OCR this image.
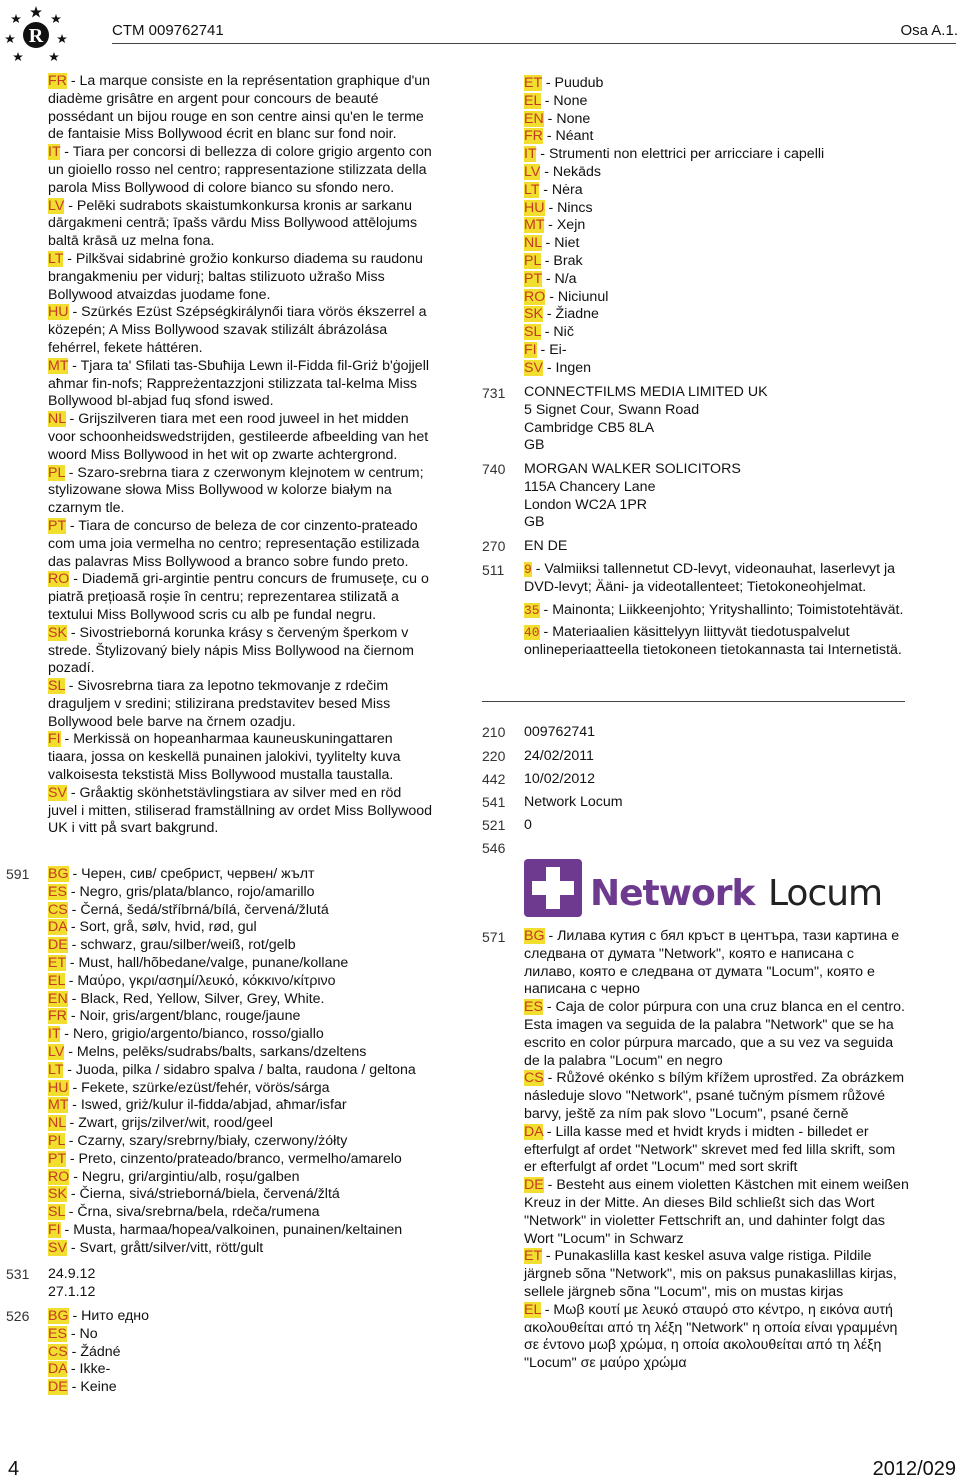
R	CTM 009762741	Osa A.1.

FR - La marque consiste en la représentation graphique d'un diadème grisâtre en argent pour concours de beauté possédant un bijou rouge en son centre ainsi qu'en le terme de fantaisie Miss Bollywood écrit en blanc sur fond noir.

IT - Tiara per concorsi di bellezza di colore grigio argento con un gioiello rosso nel centro; rappresentazione stilizzata della parola Miss Bollywood di colore bianco su sfondo nero.

LV - Pelēki sudrabots skaistumkonkursa kronis ar sarkanu dārgakmeni centrā; īpašs vārdu Miss Bollywood attēlojums baltā krāsā uz melna fona.

LT - Pilkšvai sidabrinė grožio konkurso diadema su raudonu brangakmeniu per vidurį; baltas stilizuoto užrašo Miss Bollywood atvaizdas juodame fone.

HU - Szürkés Ezüst Szépségkirálynői tiara vörös ékszerrel a közepén; A Miss Bollywood szavak stilizált ábrázolása fehérrel, fekete háttéren.

MT - Tjara ta' Sfilati tas-Sbuħija Lewn il-Fidda fil-Griż b'ġojjell aħmar fin-nofs; Rappreżentazzjoni stilizzata tal-kelma Miss Bollywood bl-abjad fuq sfond iswed.

NL - Grijszilveren tiara met een rood juweel in het midden voor schoonheidswedstrijden, gestileerde afbeelding van het woord Miss Bollywood in het wit op zwarte achtergrond.

PL - Szaro-srebrna tiara z czerwonym klejnotem w centrum; stylizowane słowa Miss Bollywood w kolorze białym na czarnym tle.

PT - Tiara de concurso de beleza de cor cinzento-prateado com uma joia vermelha no centro; representação estilizada das palavras Miss Bollywood a branco sobre fundo preto.

RO - Diademă gri-argintie pentru concurs de frumusețe, cu o piatră prețioasă roșie în centru; reprezentarea stilizată a textului Miss Bollywood scris cu alb pe fundal negru.

SK - Sivostrieborná korunka krásy s červeným šperkom v strede. Štylizovaný biely nápis Miss Bollywood na čiernom pozadí.

SL - Sivosrebrna tiara za lepotno tekmovanje z rdečim draguljem v sredini; stilizirana predstavitev besed Miss Bollywood bele barve na črnem ozadju.

FI - Merkissä on hopeanharmaa kauneuskuningattaren tiaara, jossa on keskellä punainen jalokivi, tyylitelty kuva valkoisesta tekstistä Miss Bollywood mustalla taustalla.

SV - Gråaktig skönhetstävlingstiara av silver med en röd juvel i mitten, stiliserad framställning av ordet Miss Bollywood UK i vitt på svart bakgrund.

591 BG - Черен, сив/ сребрист, червен/ жълт

ES - Negro, gris/plata/blanco, rojo/amarillo

CS - Černá, šedá/stříbrná/bílá, červená/žlutá

DA - Sort, grå, sølv, hvid, rød, gul

DE - schwarz, grau/silber/weiß, rot/gelb

ET - Must, hall/hõbedane/valge, punane/kollane

EL - Μαύρο, γκρι/ασημί/λευκό, κόκκινο/κίτρινο

EN - Black, Red, Yellow, Silver, Grey, White.

FR - Noir, gris/argent/blanc, rouge/jaune

IT - Nero, grigio/argento/bianco, rosso/giallo

LV - Melns, pelēks/sudrabs/balts, sarkans/dzeltens

LT - Juoda, pilka / sidabro spalva / balta, raudona / geltona

HU - Fekete, szürke/ezüst/fehér, vörös/sárga

MT - Iswed, griż/kulur il-fidda/abjad, aħmar/isfar

NL - Zwart, grijs/zilver/wit, rood/geel

PL - Czarny, szary/srebrny/biały, czerwony/żółty

PT - Preto, cinzento/prateado/branco, vermelho/amarelo

RO - Negru, gri/argintiu/alb, roșu/galben

SK - Čierna, sivá/strieborná/biela, červená/žltá

SL - Črna, siva/srebrna/bela, rdeča/rumena

FI - Musta, harmaa/hopea/valkoinen, punainen/keltainen

SV - Svart, grått/silver/vitt, rött/gult

531 24.9.12

27.1.12

526 BG - Нито едно

ES - No

CS - Žádné

DA - Ikke-

DE - Keine

ET - Puudub

EL - None

EN - None

FR - Néant

IT - Strumenti non elettrici per arricciare i capelli

LV - Nekāds

LT - Nėra

HU - Nincs

MT - Xejn

NL - Niet

PL - Brak

PT - N/a

RO - Niciunul

SK - Žiadne

SL - Nič

FI - Ei-

SV - Ingen

731 CONNECTFILMS MEDIA LIMITED UK

5 Signet Cour, Swann Road

Cambridge CB5 8LA

GB

740 MORGAN WALKER SOLICITORS

115A Chancery Lane

London WC2A 1PR

GB

270 EN DE
511 9 - Valmiiksi tallennetut CD-levyt, videonauhat, laserlevyt ja DVD-levyt; Ääni- ja videotallenteet; Tietokoneohjelmat.

35 - Mainonta; Liikkeenjohto; Yrityshallinto; Toimistotehtävät.

40 - Materiaalien käsittelyyn liittyvät tiedotuspalvelut onlineperiaatteella tietokoneen tietokannasta tai Internetistä.

210 009762741
220 24/02/2011
442 10/02/2012
541 Network Locum
521 0
546
Network Locum
571 BG - Лилава кутия с бял кръст в центъра, тази картина е следвана от думата "Network", която е написана с лилаво, която е следвана от думата "Locum", която е написана с черно

ES - Caja de color púrpura con una cruz blanca en el centro. Esta imagen va seguida de la palabra "Network" que se ha escrito en color púrpura marcado, que a su vez va seguida de la palabra "Locum" en negro

CS - Růžové okénko s bílým křížem uprostřed. Za obrázkem následuje slovo "Network", psané tučným písmem růžové barvy, ještě za ním pak slovo "Locum", psané černě

DA - Lilla kasse med et hvidt kryds i midten - billedet er efterfulgt af ordet "Network" skrevet med fed lilla skrift, som er efterfulgt af ordet "Locum" med sort skrift

DE - Besteht aus einem violetten Kästchen mit einem weißen Kreuz in der Mitte. An dieses Bild schließt sich das Wort "Network" in violetter Fettschrift an, und dahinter folgt das Wort "Locum" in Schwarz

ET - Punakaslilla kast keskel asuva valge ristiga. Pildile järgneb sõna "Network", mis on paksus punakaslillas kirjas, sellele järgneb sõna "Locum", mis on mustas kirjas

EL - Μωβ κουτί με λευκό σταυρό στο κέντρο, η εικόνα αυτή ακολουθείται από τη λέξη "Network" η οποία είναι γραμμένη σε έντονο μωβ χρώμα, η οποία ακολουθείται από τη λέξη "Locum" σε μαύρο χρώμα

4	2012/029
